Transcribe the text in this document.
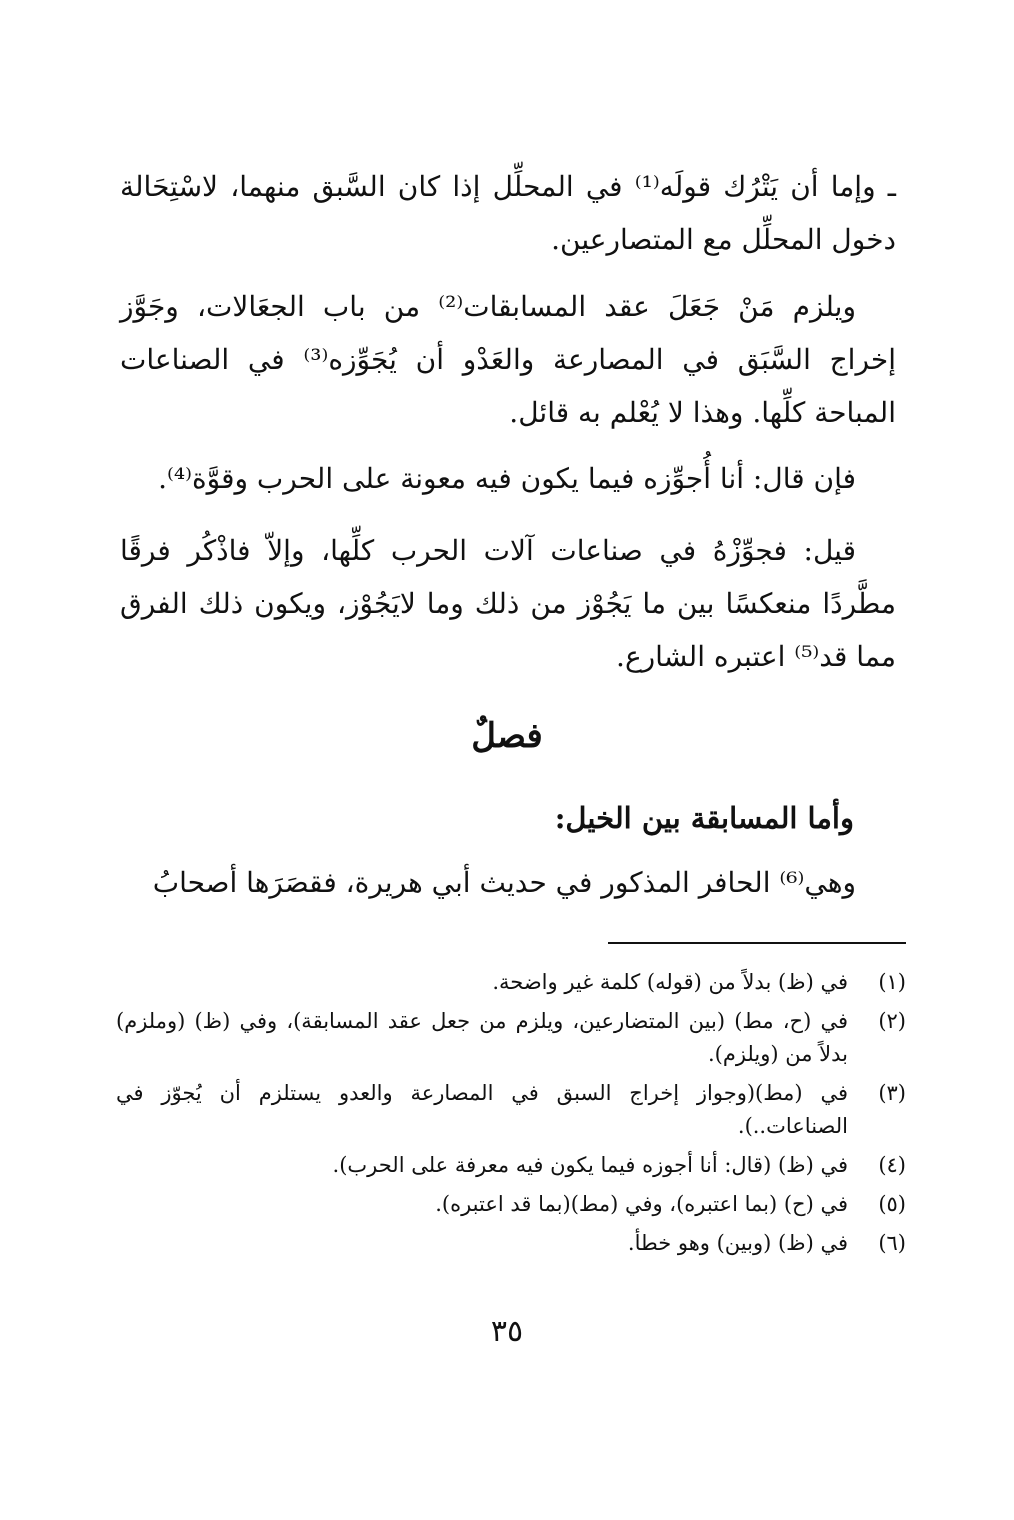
ـ وإما أن يَتْرُك قولَه⁽¹⁾ في المحلِّل إذا كان السَّبق منهما، لاسْتِحَالة دخول المحلِّل مع المتصارعين.

ويلزم مَنْ جَعَلَ عقد المسابقات⁽²⁾ من باب الجعَالات، وجَوَّز إخراج السَّبَق في المصارعة والعَدْو أن يُجَوِّزه⁽³⁾ في الصناعات المباحة كلِّها. وهذا لا يُعْلم به قائل.

فإن قال: أنا أُجوِّزه فيما يكون فيه معونة على الحرب وقوَّة⁽⁴⁾.

قيل: فجوِّزْهُ في صناعات آلات الحرب كلِّها، وإلاّ فاذْكُر فرقًا مطَّردًا منعكسًا بين ما يَجُوْز من ذلك وما لايَجُوْز، ويكون ذلك الفرق مما قد⁽⁵⁾ اعتبره الشارع.

فصلٌ
وأما المسابقة بين الخيل:

وهي⁽⁶⁾ الحافر المذكور في حديث أبي هريرة، فقصَرَها أصحابُ

(١)
في (ظ) بدلاً من (قوله) كلمة غير واضحة.
(٢)
في (ح، مط) (بين المتضارعين، ويلزم من جعل عقد المسابقة)، وفي (ظ) (وملزم) بدلاً من (ويلزم).
(٣)
في (مط)(وجواز إخراج السبق في المصارعة والعدو يستلزم أن يُجوّز في الصناعات..).
(٤)
في (ظ) (قال: أنا أجوزه فيما يكون فيه معرفة على الحرب).
(٥)
في (ح) (بما اعتبره)، وفي (مط)(بما قد اعتبره).
(٦)
في (ظ) (وبين) وهو خطأ.
٣٥
